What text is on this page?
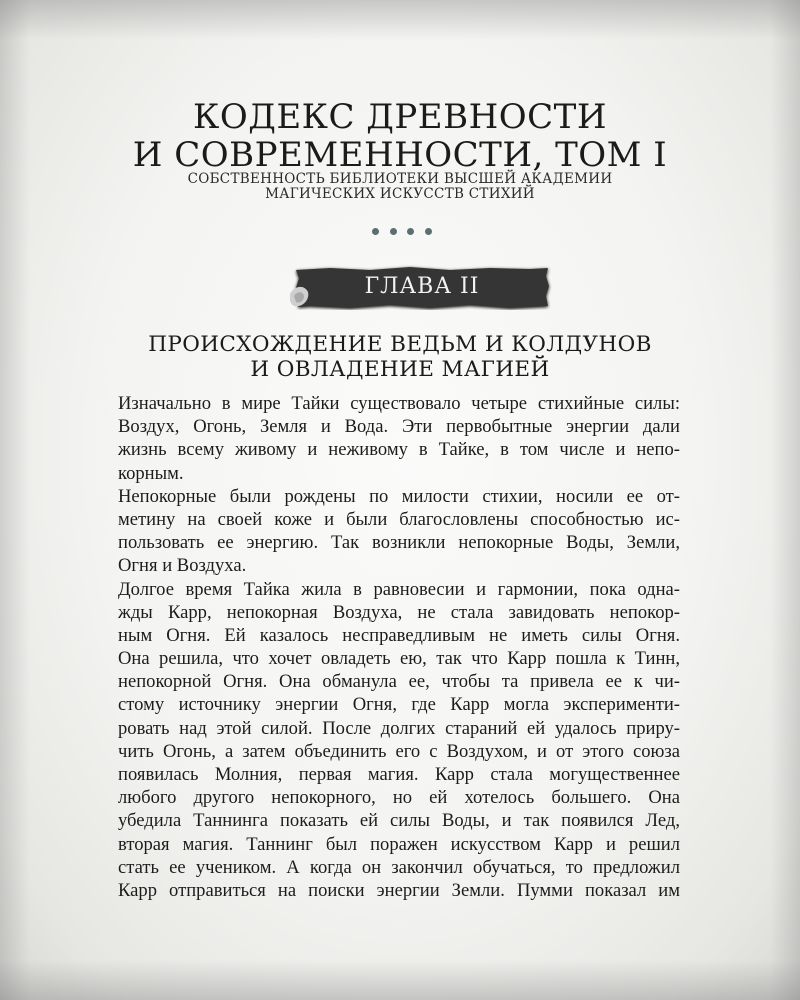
КОДЕКС ДРЕВНОСТИ
И СОВРЕМЕННОСТИ, ТОМ I
СОБСТВЕННОСТЬ БИБЛИОТЕКИ ВЫСШЕЙ АКАДЕМИИ
МАГИЧЕСКИХ ИСКУССТВ СТИХИЙ
ГЛАВА II
ПРОИСХОЖДЕНИЕ ВЕДЬМ И КОЛДУНОВ
И ОВЛАДЕНИЕ МАГИЕЙ
Изначально в мире Тайки существовало четыре стихийные силы:
Воздух, Огонь, Земля и Вода. Эти первобытные энергии дали
жизнь всему живому и неживому в Тайке, в том числе и непо-
корным.
Непокорные были рождены по милости стихии, носили ее от-
метину на своей коже и были благословлены способностью ис-
пользовать ее энергию. Так возникли непокорные Воды, Земли,
Огня и Воздуха.
Долгое время Тайка жила в равновесии и гармонии, пока одна-
жды Карр, непокорная Воздуха, не стала завидовать непокор-
ным Огня. Ей казалось несправедливым не иметь силы Огня.
Она решила, что хочет овладеть ею, так что Карр пошла к Тинн,
непокорной Огня. Она обманула ее, чтобы та привела ее к чи-
стому источнику энергии Огня, где Карр могла эксперименти-
ровать над этой силой. После долгих стараний ей удалось приру-
чить Огонь, а затем объединить его с Воздухом, и от этого союза
появилась Молния, первая магия. Карр стала могущественнее
любого другого непокорного, но ей хотелось большего. Она
убедила Таннинга показать ей силы Воды, и так появился Лед,
вторая магия. Таннинг был поражен искусством Карр и решил
стать ее учеником. А когда он закончил обучаться, то предложил
Карр отправиться на поиски энергии Земли. Пумми показал им
